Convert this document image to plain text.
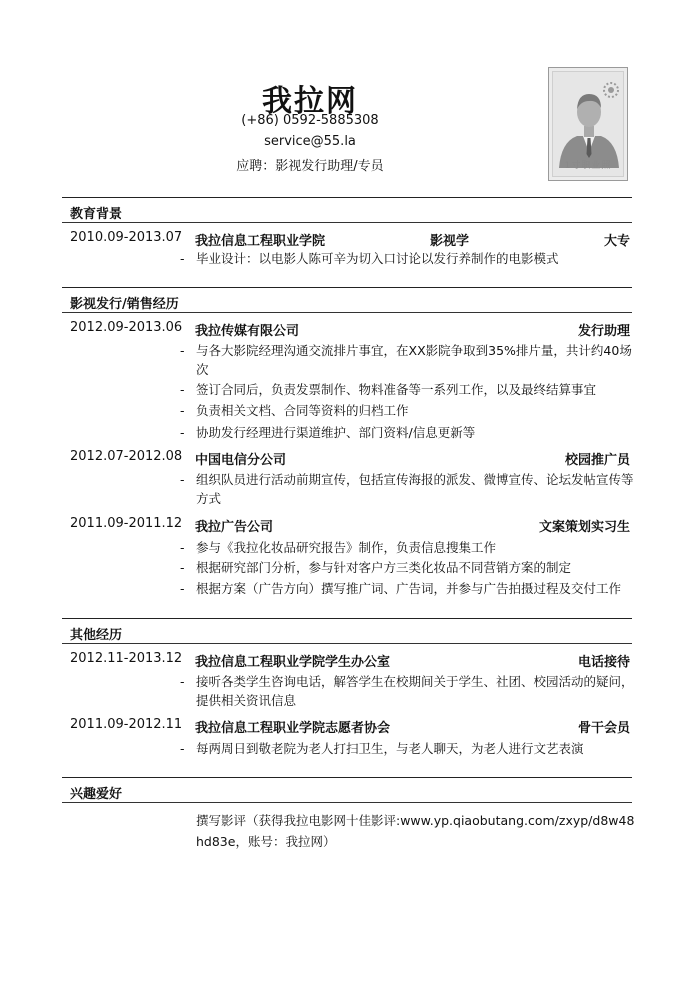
我拉网
(+86) 0592-5885308
service@55.la
应聘：影视发行助理/专员	1寸职业照
教育背景
2010.09-2013.07 我拉信息工程职业学院	影视学	大专
- 毕业设计：以电影人陈可辛为切入口讨论以发行养制作的电影模式
影视发行/销售经历
2012.09-2013.06 我拉传媒有限公司	发行助理
- 与各大影院经理沟通交流排片事宜，在XX影院争取到35%排片量，共计约40场次
- 签订合同后，负责发票制作、物料准备等一系列工作，以及最终结算事宜
- 负责相关文档、合同等资料的归档工作
- 协助发行经理进行渠道维护、部门资料/信息更新等
2012.07-2012.08 中国电信分公司	校园推广员
- 组织队员进行活动前期宣传，包括宣传海报的派发、微博宣传、论坛发帖宣传等方式
2011.09-2011.12 我拉广告公司	文案策划实习生
- 参与《我拉化妆品研究报告》制作，负责信息搜集工作
- 根据研究部门分析，参与针对客户方三类化妆品不同营销方案的制定
- 根据方案（广告方向）撰写推广词、广告词，并参与广告拍摄过程及交付工作
其他经历
2012.11-2013.12 我拉信息工程职业学院学生办公室	电话接待
- 接听各类学生咨询电话，解答学生在校期间关于学生、社团、校园活动的疑问，提供相关资讯信息
2011.09-2012.11 我拉信息工程职业学院志愿者协会	骨干会员
- 每两周日到敬老院为老人打扫卫生，与老人聊天，为老人进行文艺表演
兴趣爱好
撰写影评（获得我拉电影网十佳影评:www.yp.qiaobutang.com/zxyp/d8w48hd83e，账号：我拉网）
